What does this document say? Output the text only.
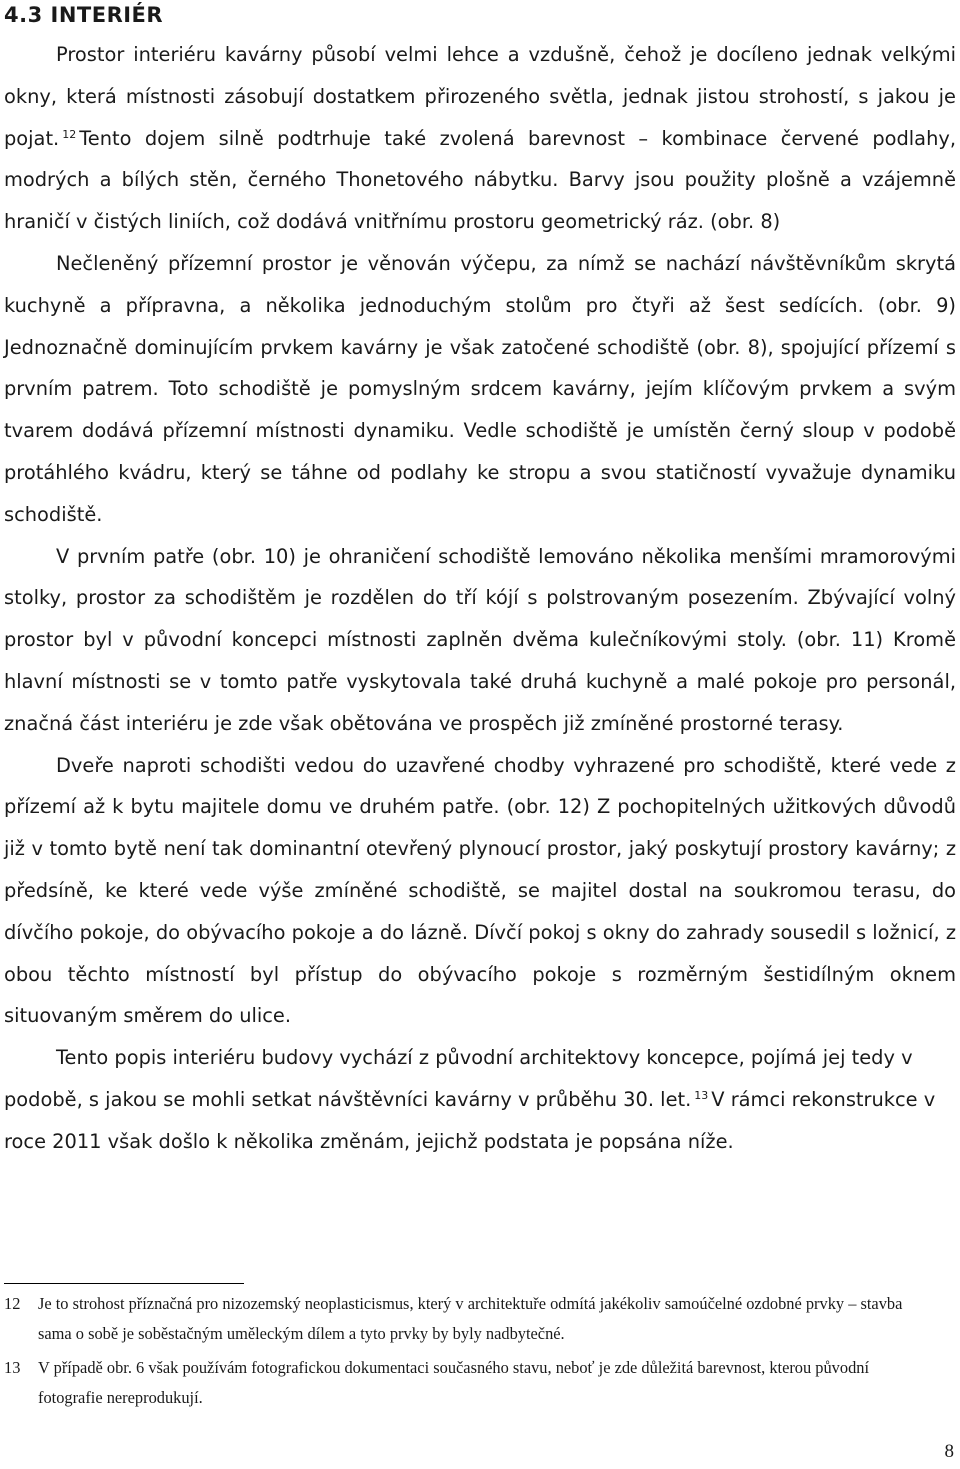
4.3 INTERIÉR

Prostor interiéru kavárny působí velmi lehce a vzdušně, čehož je docíleno jednak velkými okny, která místnosti zásobují dostatkem přirozeného světla, jednak jistou strohostí, s jakou je pojat. $^{12}$ Tento dojem silně podtrhuje také zvolená barevnost – kombinace červené podlahy, modrých a bílých stěn, černého Thonetového nábytku. Barvy jsou použity plošně a vzájemně hraničí v čistých liniích, což dodává vnitřnímu prostoru geometrický ráz. (obr. 8)

Nečleněný přízemní prostor je věnován výčepu, za nímž se nachází návštěvníkům skrytá kuchyně a přípravna, a několika jednoduchým stolům pro čtyři až šest sedících. (obr. 9) Jednoznačně dominujícím prvkem kavárny je však zatočené schodiště (obr. 8), spojující přízemí s prvním patrem. Toto schodiště je pomyslným srdcem kavárny, jejím klíčovým prvkem a svým tvarem dodává přízemní místnosti dynamiku. Vedle schodiště je umístěn černý sloup v podobě protáhlého kvádru, který se táhne od podlahy ke stropu a svou statičností vyvažuje dynamiku schodiště.

V prvním patře (obr. 10) je ohraničení schodiště lemováno několika menšími mramorovými stolky, prostor za schodištěm je rozdělen do tří kójí s polstrovaným posezením. Zbývající volný prostor byl v původní koncepci místnosti zaplněn dvěma kulečníkovými stoly. (obr. 11) Kromě hlavní místnosti se v tomto patře vyskytovala také druhá kuchyně a malé pokoje pro personál, značná část interiéru je zde však obětována ve prospěch již zmíněné prostorné terasy.

Dveře naproti schodišti vedou do uzavřené chodby vyhrazené pro schodiště, které vede z přízemí až k bytu majitele domu ve druhém patře. (obr. 12) Z pochopitelných užitkových důvodů již v tomto bytě není tak dominantní otevřený plynoucí prostor, jaký poskytují prostory kavárny; z předsíně, ke které vede výše zmíněné schodiště, se majitel dostal na soukromou terasu, do dívčího pokoje, do obývacího pokoje a do lázně. Dívčí pokoj s okny do zahrady sousedil s ložnicí, z obou těchto místností byl přístup do obývacího pokoje s rozměrným šestidílným oknem situovaným směrem do ulice.

Tento popis interiéru budovy vychází z původní architektovy koncepce, pojímá jej tedy v podobě, s jakou se mohli setkat návštěvníci kavárny v průběhu 30. let. $^{13}$ V rámci rekonstrukce v roce 2011 však došlo k několika změnám, jejichž podstata je popsána níže.

12	Je to strohost příznačná pro nizozemský neoplasticismus, který v architektuře odmítá jakékoliv samoúčelné ozdobné prvky – stavba sama o sobě je soběstačným uměleckým dílem a tyto prvky by byly nadbytečné.
13	V případě obr. 6 však používám fotografickou dokumentaci současného stavu, neboť je zde důležitá barevnost, kterou původní fotografie nereprodukují.
8
